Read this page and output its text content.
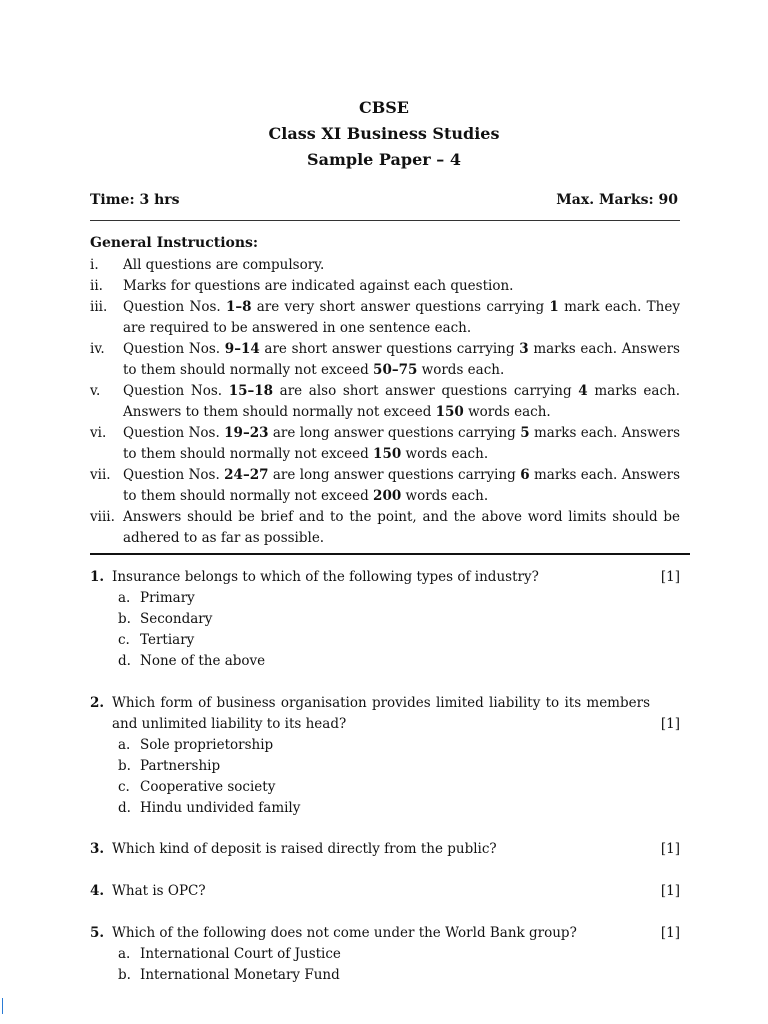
CBSE
Class XI Business Studies
Sample Paper – 4
Time: 3 hrs	Max. Marks: 90
General Instructions:
i.	All questions are compulsory.
ii.	Marks for questions are indicated against each question.
iii.	Question Nos. 1–8 are very short answer questions carrying 1 mark each. They are required to be answered in one sentence each.
iv.	Question Nos. 9–14 are short answer questions carrying 3 marks each. Answers to them should normally not exceed 50–75 words each.
v.	Question Nos. 15–18 are also short answer questions carrying 4 marks each. Answers to them should normally not exceed 150 words each.
vi.	Question Nos. 19–23 are long answer questions carrying 5 marks each. Answers to them should normally not exceed 150 words each.
vii. Question Nos. 24–27 are long answer questions carrying 6 marks each. Answers to them should normally not exceed 200 words each.
viii. Answers should be brief and to the point, and the above word limits should be adhered to as far as possible.
1. Insurance belongs to which of the following types of industry?	[1]
a. Primary
b. Secondary
c. Tertiary
d. None of the above
2. Which form of business organisation provides limited liability to its members and unlimited liability to its head?	[1]
a. Sole proprietorship
b. Partnership
c. Cooperative society
d. Hindu undivided family
3. Which kind of deposit is raised directly from the public?	[1]
4. What is OPC?	[1]
5. Which of the following does not come under the World Bank group?	[1]
a. International Court of Justice
b. International Monetary Fund
